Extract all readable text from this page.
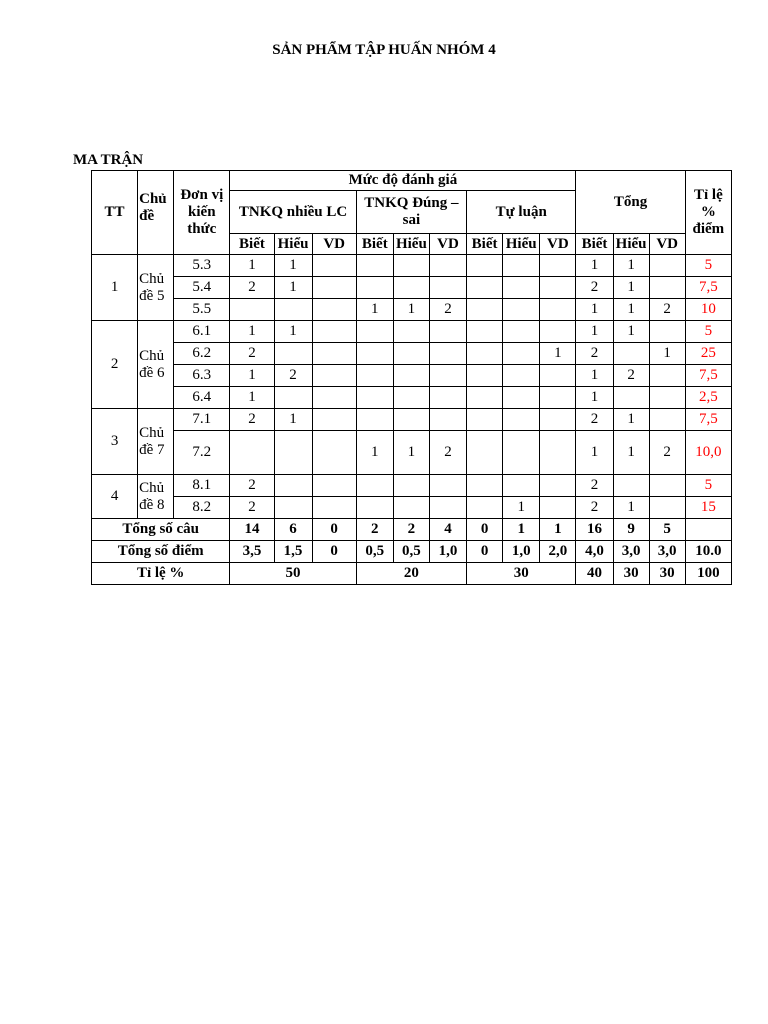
SẢN PHẨM TẬP HUẤN NHÓM 4
MA TRẬN
TT	Chủ đề	Đơn vị kiến thức	Mức độ đánh giá									Tổng			Tỉ lệ % điểm
			TNKQ nhiều LC			TNKQ Đúng – sai			Tự luận						
			Biết	Hiểu	VD	Biết	Hiểu	VD	Biết	Hiểu	VD	Biết	Hiểu	VD	
1	Chủ đề 5	5.3	1	1								1	1		5
		5.4	2	1								2	1		7,5
		5.5				1	1	2				1	1	2	10
2	Chủ đề 6	6.1	1	1								1	1		5
		6.2	2								1	2		1	25
		6.3	1	2								1	2		7,5
		6.4	1									1			2,5
3	Chủ đề 7	7.1	2	1								2	1		7,5
		7.2				1	1	2				1	1	2	10,0
4	Chủ đề 8	8.1	2									2			5
		8.2	2							1		2	1		15
Tổng số câu			14	6	0	2	2	4	0	1	1	16	9	5	
Tổng số điểm			3,5	1,5	0	0,5	0,5	1,0	0	1,0	2,0	4,0	3,0	3,0	10.0
Tỉ lệ %			50			20			30			40	30	30	100
